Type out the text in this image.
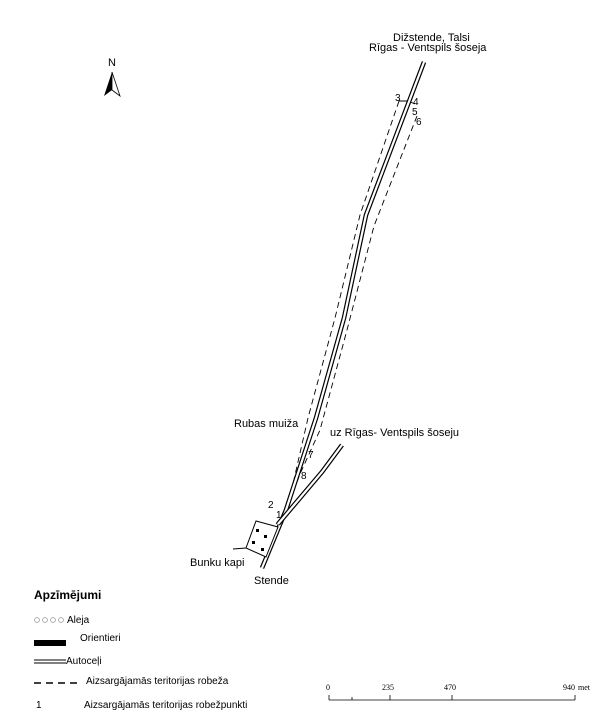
N
Dižstende, Talsi
Rīgas - Ventspils šoseja
Rubas muiža
uz Rīgas- Ventspils šoseju
Bunku kapi
Stende
1
2
3 4
5
6
7
8
Apzīmējumi
Aleja
Orientieri
Autoceļi
Aizsargājamās teritorijas robeža
1	Aizsargājamās teritorijas robežpunkti
0	235	470	940 met
